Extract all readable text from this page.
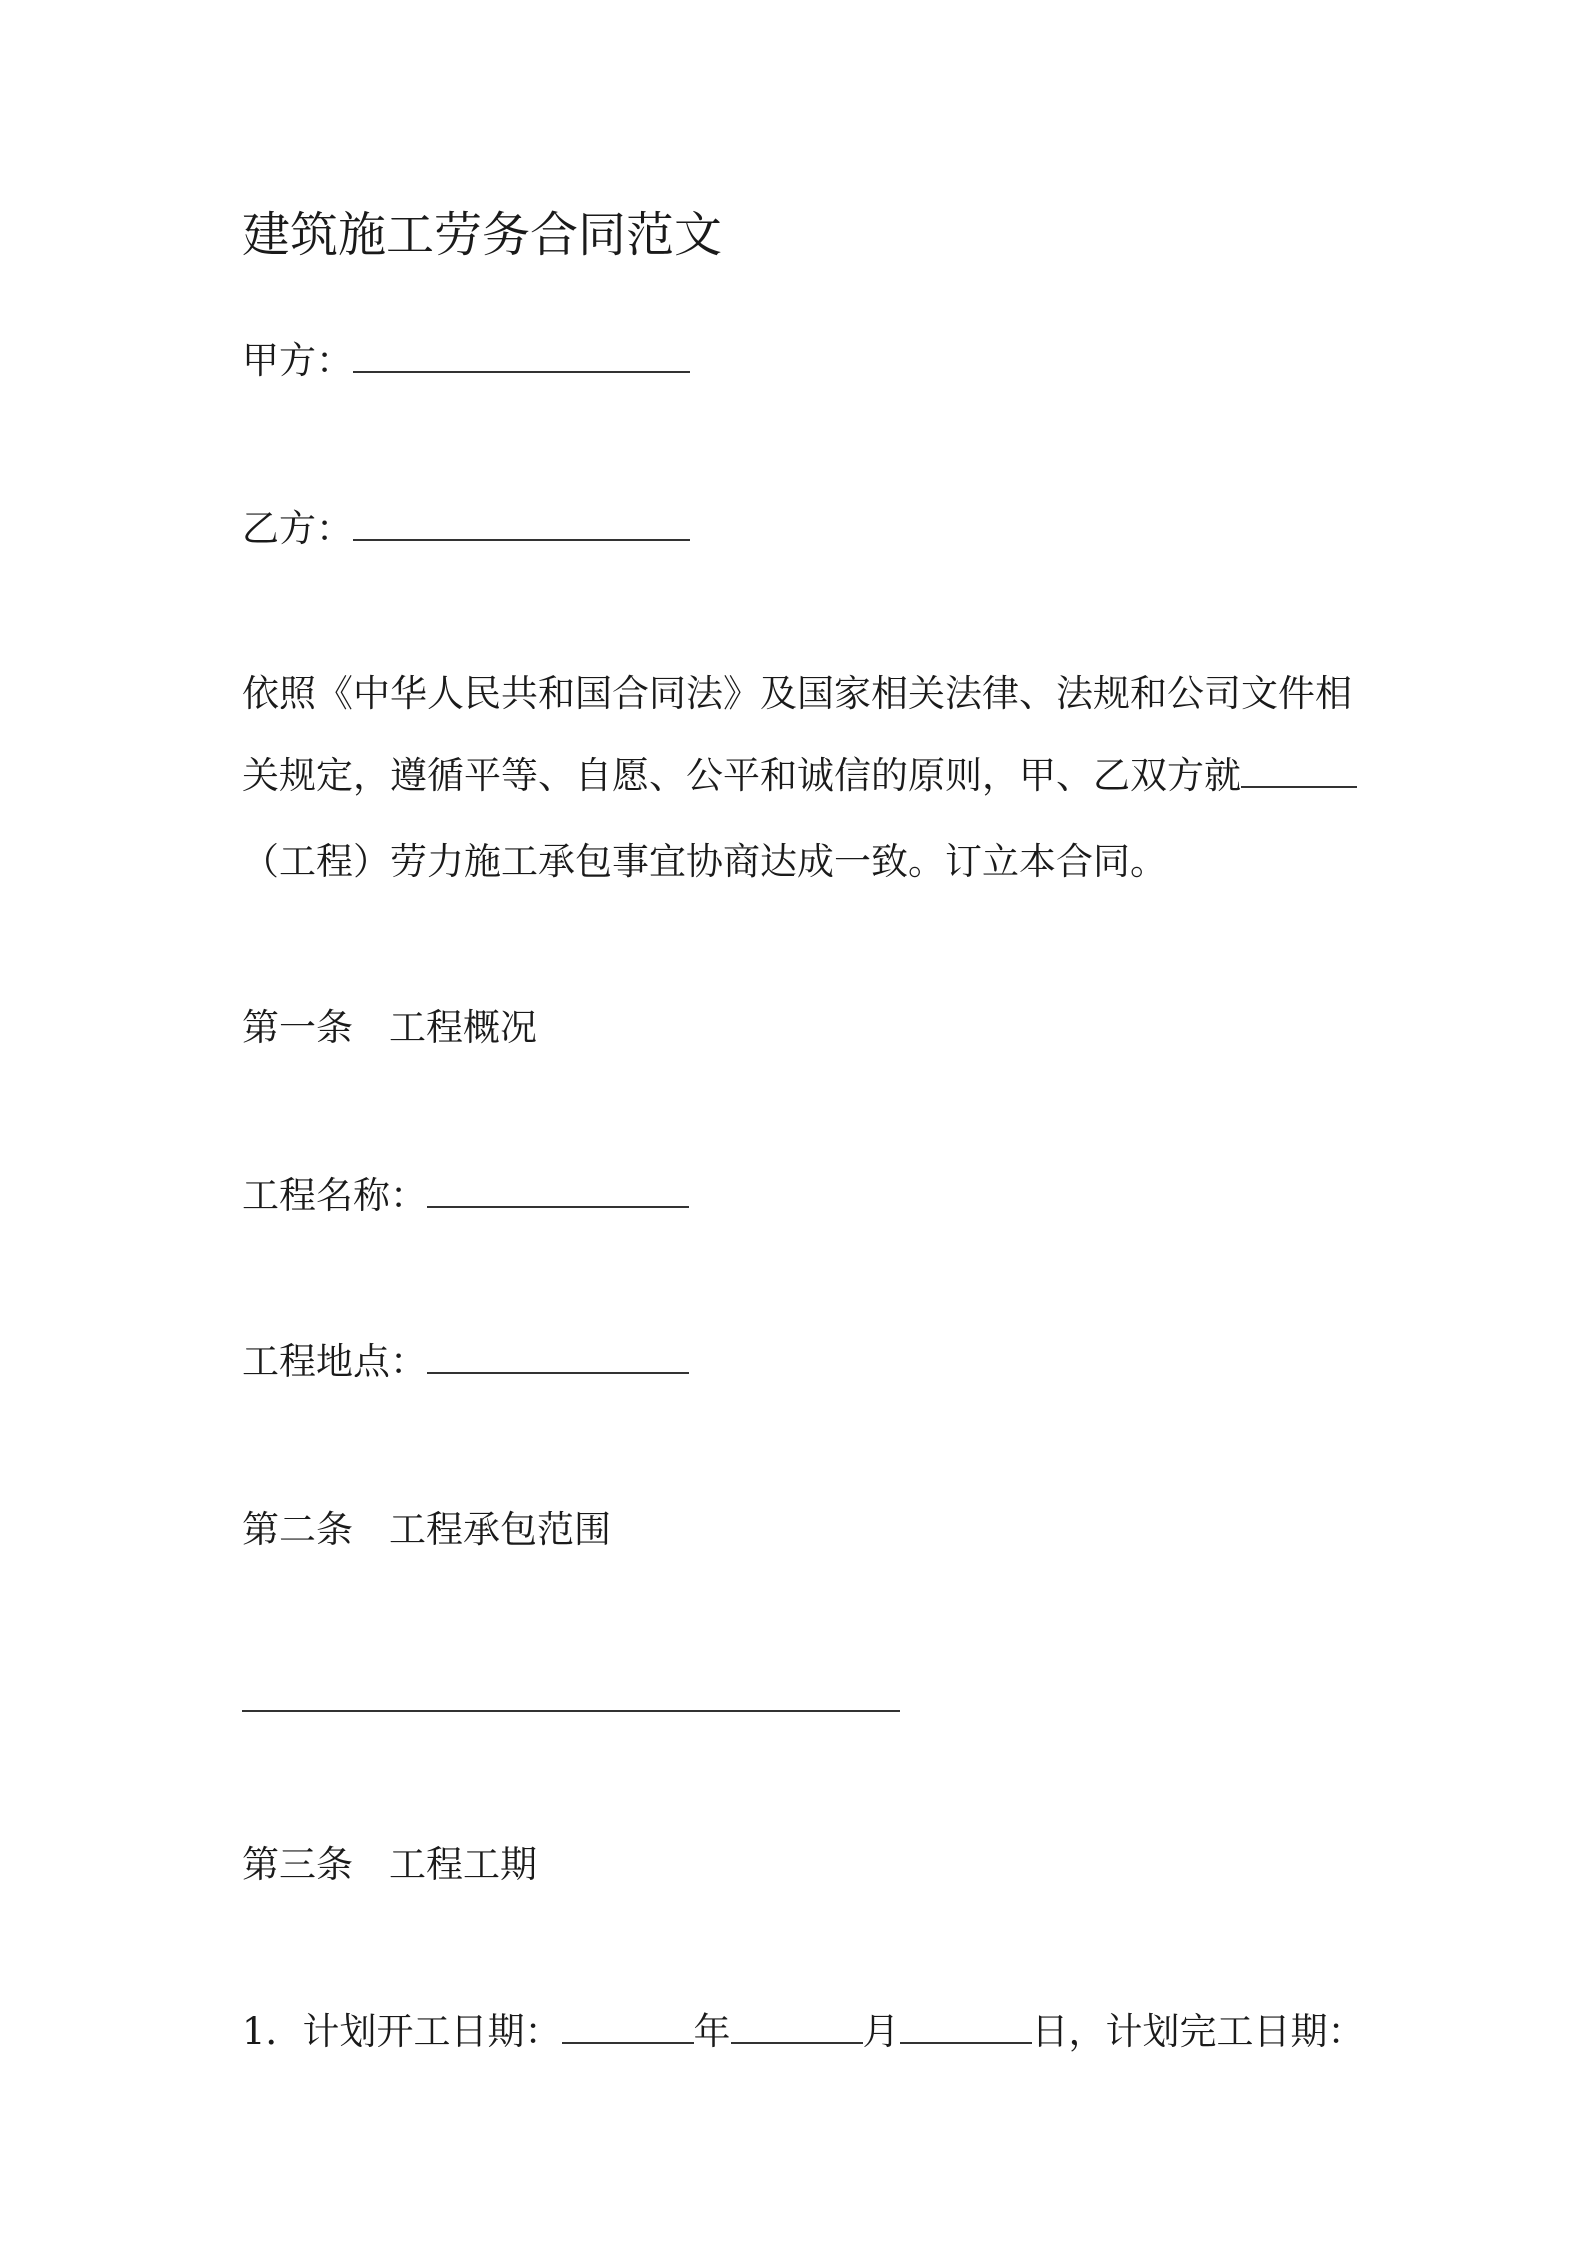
建筑施工劳务合同范文
甲方：
乙方：
依照《中华人民共和国合同法》及国家相关法律、法规和公司文件相
关规定，遵循平等、自愿、公平和诚信的原则，甲、乙双方就
（工程）劳力施工承包事宜协商达成一致。订立本合同。
第一条 工程概况
工程名称：
工程地点：
第二条 工程承包范围
第三条 工程工期
1．计划开工日期：	年	月	日，计划完工日期：
